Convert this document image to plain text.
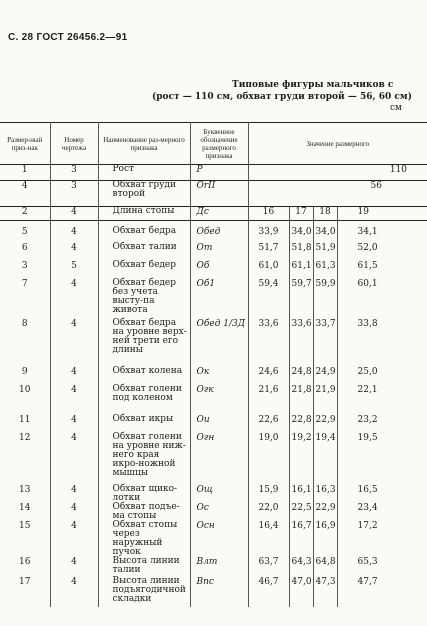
С. 28 ГОСТ 26456.2—91
Типовые фигуры мальчиков с
(рост — 110 см, обхват груди второй — 56, 60 см)
см
Размер-ный приз-нак	Номер чертежа	Наименование раз-мерного признака	Буквенное обозначение размерного признака	Значение размерного			
1	3	Рост	P	110			
4	3	Обхват груди второй	OrII	56			
2	4	Длина стопы	Дс	16	17	18	19
5	4	Обхват бедра	Обед	33,9	34,0	34,0	34,1
6	4	Обхват талии	От	51,7	51,8	51,9	52,0
3	5	Обхват бедер	Об	61,0	61,1	61,3	61,5
7	4	Обхват бедер без учета высту-па живота	Об1	59,4	59,7	59,9	60,1
8	4	Обхват бедра на уровне верх-ней трети его длины	Обед 1/3Д	33,6	33,6	33,7	33,8
9	4	Обхват колена	Ок	24,6	24,8	24,9	25,0
10	4	Обхват голени под коленом	Огк	21,6	21,8	21,9	22,1
11	4	Обхват икры	Ои	22,6	22,8	22,9	23,2
12	4	Обхват голени на уровне ниж-него края икро-ножной мышцы	Огн	19,0	19,2	19,4	19,5
13	4	Обхват щико-лотки	Ощ	15,9	16,1	16,3	16,5
14	4	Обхват подъе-ма стопы	Ос	22,0	22,5	22,9	23,4
15	4	Обхват стопы через наружный пучок	Осн	16,4	16,7	16,9	17,2
16	4	Высота линии талии	Влт	63,7	64,3	64,8	65,3
17	4	Высота линии подъягодичной складки	Впс	46,7	47,0	47,3	47,7
